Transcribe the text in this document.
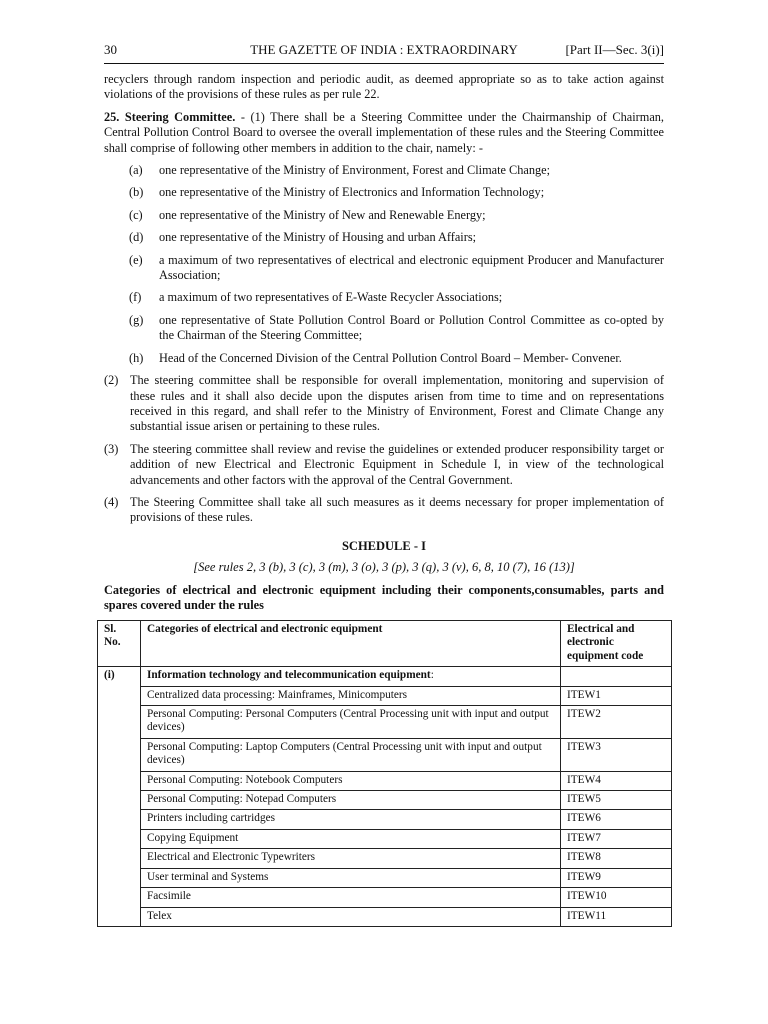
30	THE GAZETTE OF INDIA : EXTRAORDINARY	[Part II—Sec. 3(i)]

recyclers through random inspection and periodic audit, as deemed appropriate so as to take action against violations of the provisions of these rules as per rule 22.

25. Steering Committee. - (1) There shall be a Steering Committee under the Chairmanship of Chairman, Central Pollution Control Board to oversee the overall implementation of these rules and the Steering Committee shall comprise of following other members in addition to the chair, namely: -

(a)	one representative of the Ministry of Environment, Forest and Climate Change;
(b)	one representative of the Ministry of Electronics and Information Technology;
(c)	one representative of the Ministry of New and Renewable Energy;
(d)	one representative of the Ministry of Housing and urban Affairs;
(e)	a maximum of two representatives of electrical and electronic equipment Producer and Manufacturer Association;
(f)	a maximum of two representatives of E-Waste Recycler Associations;
(g)	one representative of State Pollution Control Board or Pollution Control Committee as co-opted by the Chairman of the Steering Committee;
(h)	Head of the Concerned Division of the Central Pollution Control Board – Member- Convener.
(2) The steering committee shall be responsible for overall implementation, monitoring and supervision of these rules and it shall also decide upon the disputes arisen from time to time and on representations received in this regard, and shall refer to the Ministry of Environment, Forest and Climate Change any substantial issue arisen or pertaining to these rules.
(3) The steering committee shall review and revise the guidelines or extended producer responsibility target or addition of new Electrical and Electronic Equipment in Schedule I, in view of the technological advancements and other factors with the approval of the Central Government.
(4) The Steering Committee shall take all such measures as it deems necessary for proper implementation of provisions of these rules.
SCHEDULE - I
[See rules 2, 3 (b), 3 (c), 3 (m), 3 (o), 3 (p), 3 (q), 3 (v), 6, 8, 10 (7), 16 (13)]
Categories of electrical and electronic equipment including their components,consumables, parts and spares covered under the rules
Sl. No.	Categories of electrical and electronic equipment	Electrical and electronic equipment code
(i)	Information technology and telecommunication equipment:	
	Centralized data processing: Mainframes, Minicomputers	ITEW1
	Personal Computing: Personal Computers (Central Processing unit with input and output devices)	ITEW2
	Personal Computing: Laptop Computers (Central Processing unit with input and output devices)	ITEW3
	Personal Computing: Notebook Computers	ITEW4
	Personal Computing: Notepad Computers	ITEW5
	Printers including cartridges	ITEW6
	Copying Equipment	ITEW7
	Electrical and Electronic Typewriters	ITEW8
	User terminal and Systems	ITEW9
	Facsimile	ITEW10
	Telex	ITEW11
